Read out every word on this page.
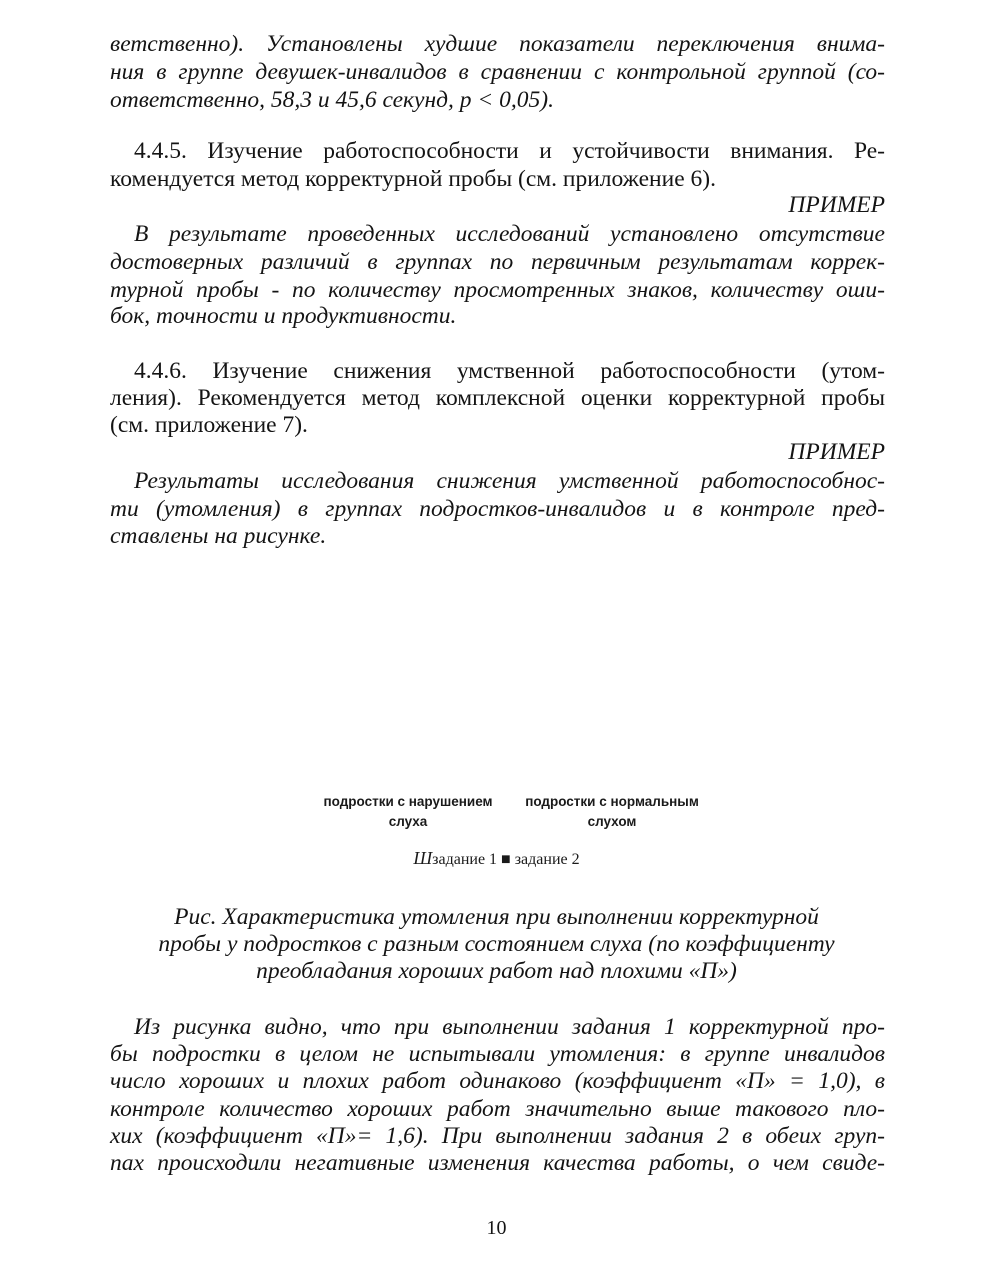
ветственно). Установлены худшие показатели переключения внима-
ния в группе девушек-инвалидов в сравнении с контрольной группой (со-
ответственно, 58,3 и 45,6 секунд, р < 0,05).
4.4.5. Изучение работоспособности и устойчивости внимания. Ре-
комендуется метод корректурной пробы (см. приложение 6).
ПРИМЕР
В результате проведенных исследований установлено отсутствие
достоверных различий в группах по первичным результатам коррек-
турной пробы - по количеству просмотренных знаков, количеству оши-
бок, точности и продуктивности.
4.4.6. Изучение снижения умственной работоспособности (утом-
ления). Рекомендуется метод комплексной оценки корректурной пробы
(см. приложение 7).
ПРИМЕР
Результаты исследования снижения умственной работоспособнос-
ти (утомления) в группах подростков-инвалидов и в контроле пред-
ставлены на рисунке.
подростки с нарушением
слуха
подростки с нормальным
слухом
Шзадание 1 ■ задание 2
Рис. Характеристика утомления при выполнении корректурной
пробы у подростков с разным состоянием слуха (по коэффициенту
преобладания хороших работ над плохими «П»)
Из рисунка видно, что при выполнении задания 1 корректурной про-
бы подростки в целом не испытывали утомления: в группе инвалидов
число хороших и плохих работ одинаково (коэффициент «П» = 1,0), в
контроле количество хороших работ значительно выше такового пло-
хих (коэффициент «П»= 1,6). При выполнении задания 2 в обеих груп-
пах происходили негативные изменения качества работы, о чем свиде-
10
